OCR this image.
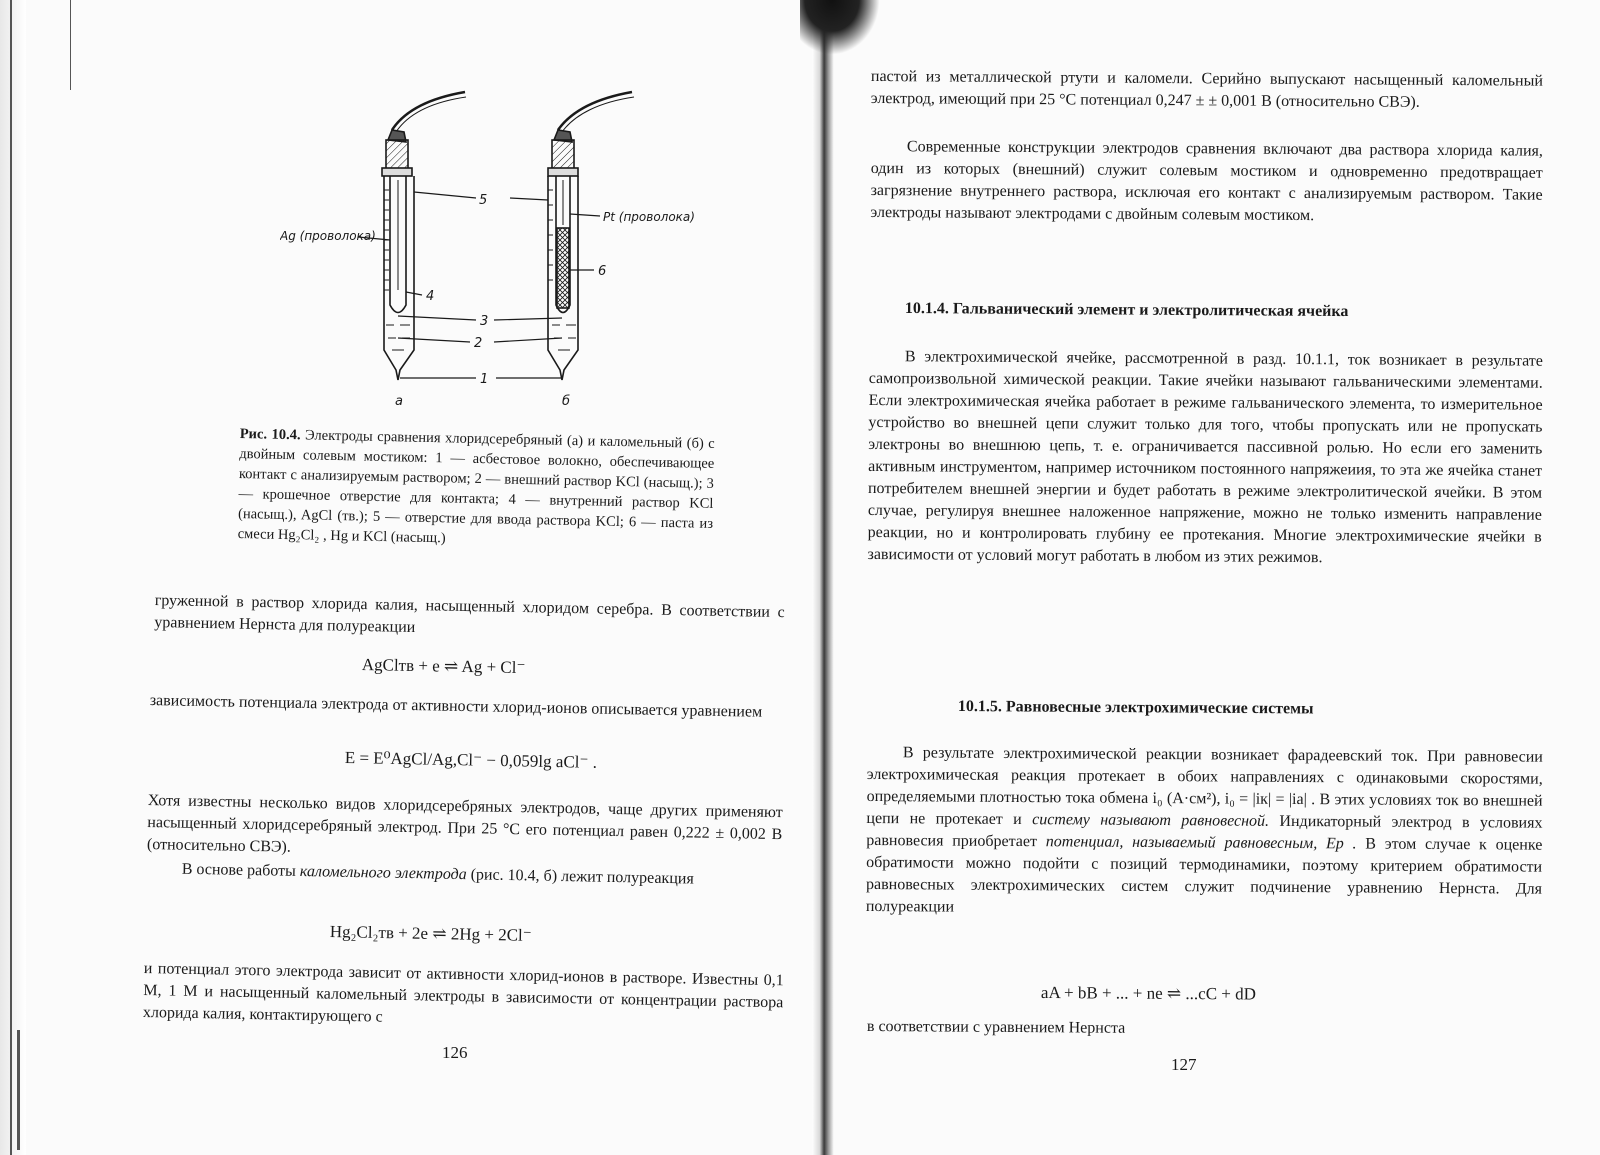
5
Ag (проволока)
Pt (проволока)
4
6
3
2
1
а	б
Рис. 10.4. Электроды сравнения хлоридсеребряный (а) и каломельный (б) с двойным солевым мостиком: 1 — асбестовое волокно, обеспечивающее контакт с анализируемым раствором; 2 — внешний раствор KCl (насыщ.); 3 — крошечное отверстие для контакта; 4 — внутренний раствор KCl (насыщ.), AgCl (тв.); 5 — отверстие для ввода раствора KCl; 6 — паста из смеси Hg₂Cl₂ , Hg и KCl (насыщ.)

груженной в раствор хлорида калия, насыщенный хлоридом серебра. В соответствии с уравнением Нернста для полуреакции

AgClтв + e ⇌ Ag + Cl⁻

зависимость потенциала электрода от активности хлорид-ионов описывается уравнением

E = E⁰AgCl/Ag,Cl⁻ − 0,059lg aCl⁻ .

Хотя известны несколько видов хлоридсеребряных электродов, чаще других применяют насыщенный хлоридсеребряный электрод. При 25 °С его потенциал равен 0,222 ± 0,002 В (относительно СВЭ).

В основе работы каломельного электрода (рис. 10.4, б) лежит полуреакция

Hg₂Cl₂тв + 2e ⇌ 2Hg + 2Cl⁻

и потенциал этого электрода зависит от активности хлорид-ионов в растворе. Известны 0,1 М, 1 М и насыщенный каломельный электроды в зависимости от концентрации раствора хлорида калия, контактирующего с

126

пастой из металлической ртути и каломели. Серийно выпускают насыщенный каломельный электрод, имеющий при 25 °С потенциал 0,247 ± ± 0,001 В (относительно СВЭ).

Современные конструкции электродов сравнения включают два раствора хлорида калия, один из которых (внешний) служит солевым мостиком и одновременно предотвращает загрязнение внутреннего раствора, исключая его контакт с анализируемым раствором. Такие электроды называют электродами с двойным солевым мостиком.

10.1.4. Гальванический элемент и электролитическая ячейка

В электрохимической ячейке, рассмотренной в разд. 10.1.1, ток возникает в результате самопроизвольной химической реакции. Такие ячейки называют гальваническими элементами. Если электрохимическая ячейка работает в режиме гальванического элемента, то измерительное устройство во внешней цепи служит только для того, чтобы пропускать или не пропускать электроны во внешнюю цепь, т. е. ограничивается пассивной ролью. Но если его заменить активным инструментом, например источником постоянного напряжеиия, то эта же ячейка станет потребителем внешней энергии и будет работать в режиме электролитической ячейки. В этом случае, регулируя внешнее наложенное напряжение, можно не только изменить направление реакции, но и контролировать глубину ее протекания. Многие электрохимические ячейки в зависимости от условий могут работать в любом из этих режимов.

10.1.5. Равновесные электрохимические системы

В результате электрохимической реакции возникает фарадеевский ток. При равновесии электрохимическая реакция протекает в обоих направлениях с одинаковыми скоростями, определяемыми плотностью тока обмена i₀ (А·см²), i₀ = |iк| = |iа| . В этих условиях ток во внешней цепи не протекает и систему называют равновесной. Индикаторный электрод в условиях равновесия приобретает потенциал, называемый равновесным, Eр . В этом случае к оценке обратимости можно подойти с позиций термодинамики, поэтому критерием обратимости равновесных электрохимических систем служит подчинение уравнению Нернста. Для полуреакции

aA + bB + ... + ne ⇌ ...cC + dD

в соответствии с уравнением Нернста

127
